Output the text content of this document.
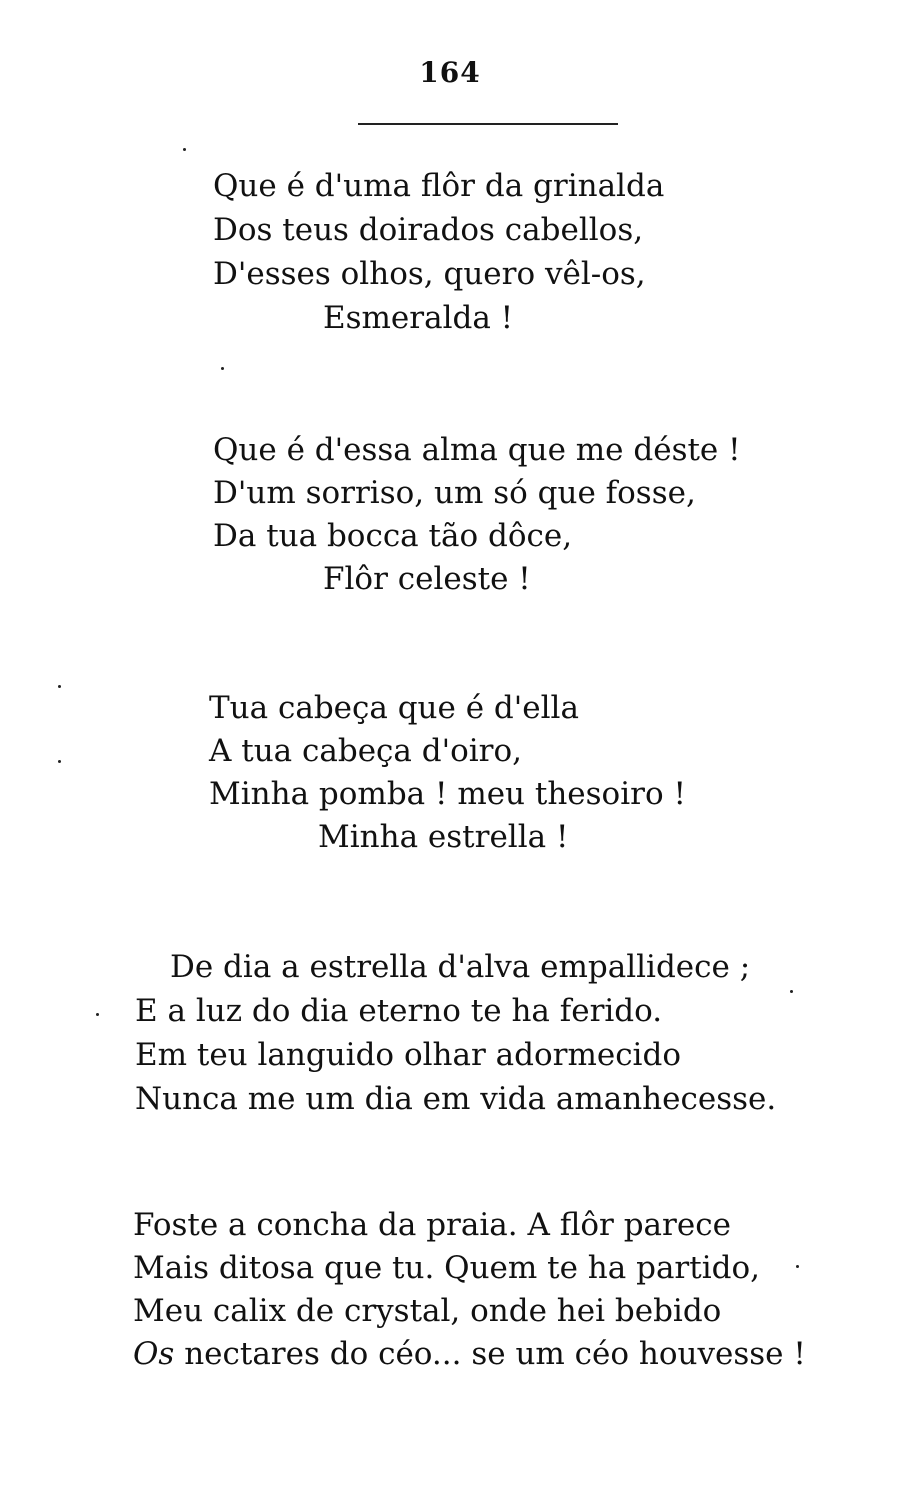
164
Que é d'uma flôr da grinalda
Dos teus doirados cabellos,
D'esses olhos, quero vêl-os,
Esmeralda !
Que é d'essa alma que me déste !
D'um sorriso, um só que fosse,
Da tua bocca tão dôce,
Flôr celeste !
Tua cabeça que é d'ella
A tua cabeça d'oiro,
Minha pomba ! meu thesoiro !
Minha estrella !
De dia a estrella d'alva empallidece ;
E a luz do dia eterno te ha ferido.
Em teu languido olhar adormecido
Nunca me um dia em vida amanhecesse.
Foste a concha da praia. A flôr parece
Mais ditosa que tu. Quem te ha partido,
Meu calix de crystal, onde hei bebido
Os nectares do céo... se um céo houvesse !
